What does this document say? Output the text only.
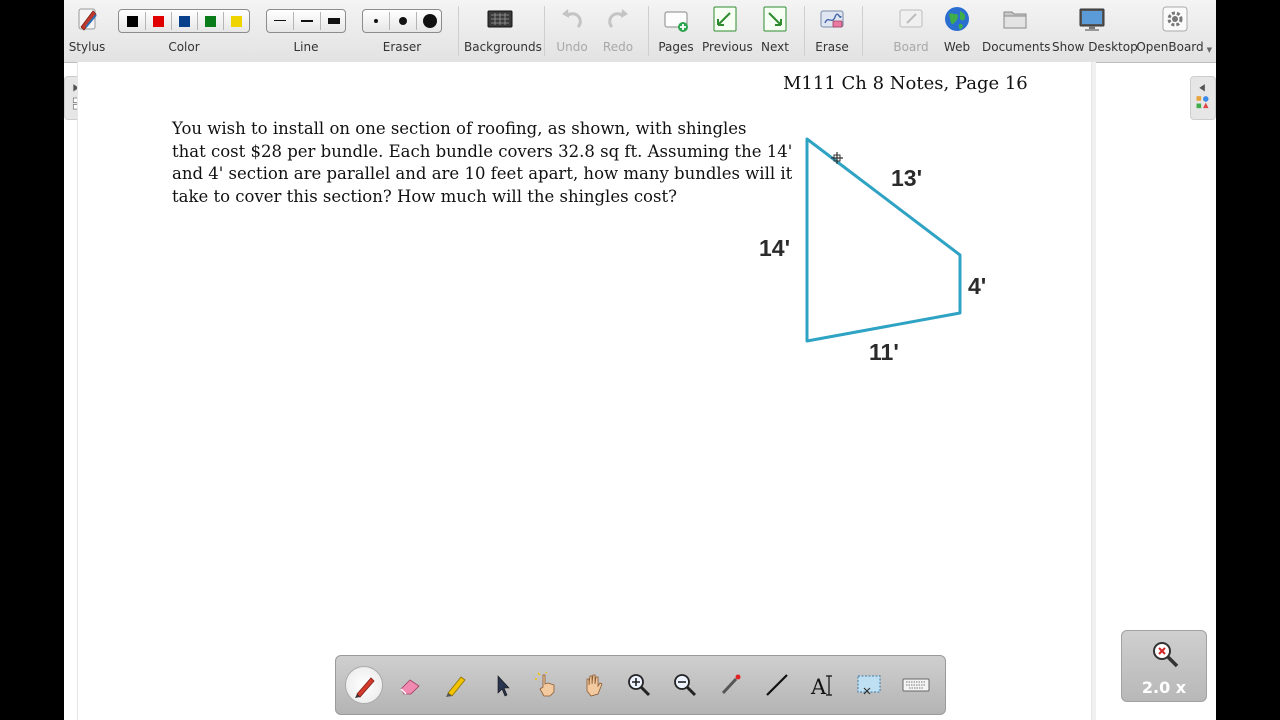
Stylus	Color	Line	Eraser	Backgrounds	Undo	Redo	Pages Previous Next	Erase	Board	Web Documents Show Desktop
OpenBoard ▼
M111 Ch 8 Notes, Page 16
You wish to install on one section of roofing, as shown, with shingles
that cost $28 per bundle. Each bundle covers 32.8 sq ft. Assuming the 14'
and 4' section are parallel and are 10 feet apart, how many bundles will it
take to cover this section? How much will the shingles cost?
13'
14'
4'
11'
A	2.0 x
